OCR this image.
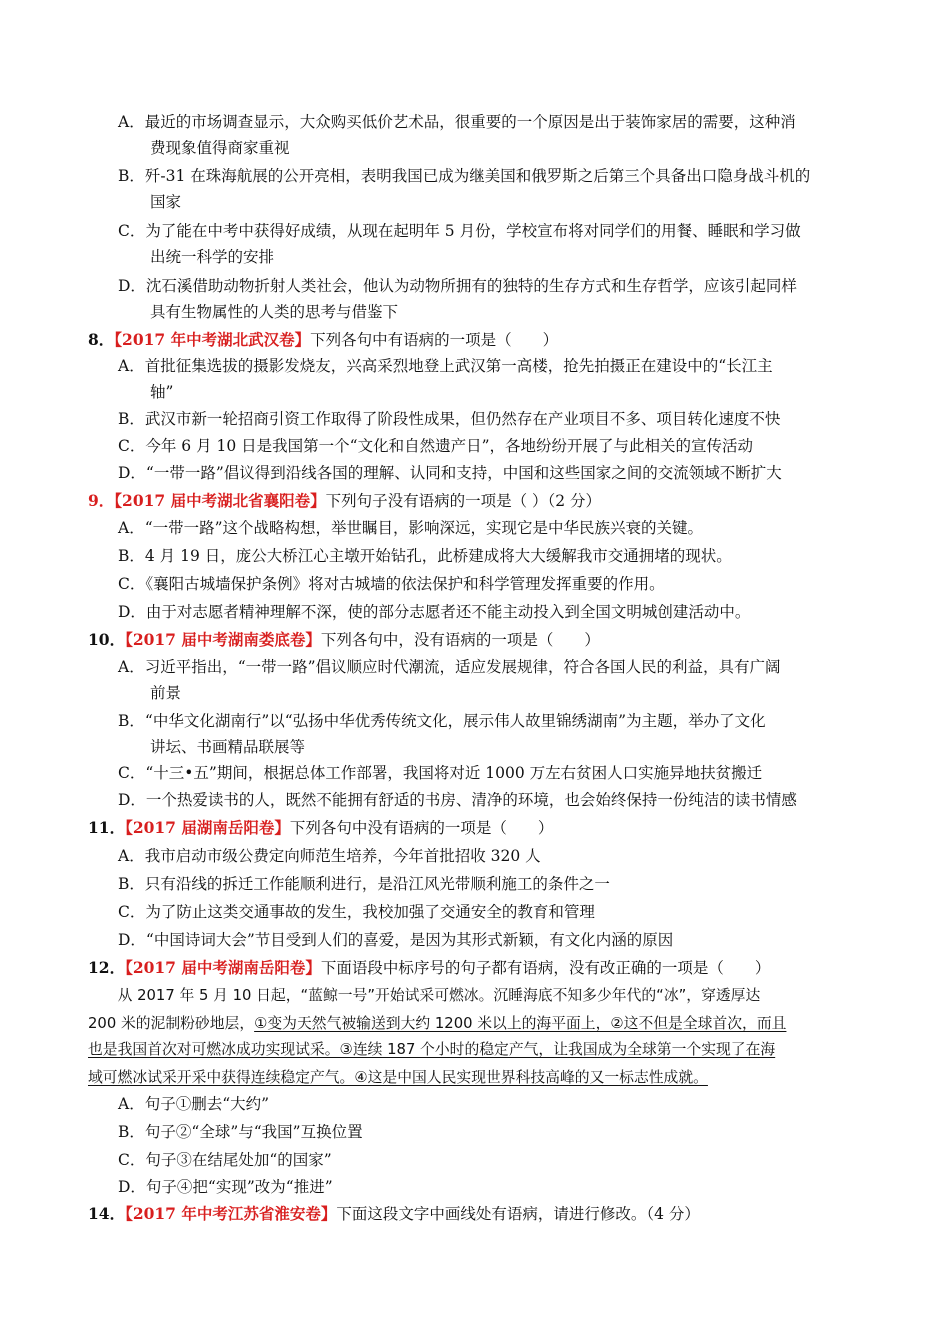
A．最近的市场调查显示，大众购买低价艺术品，很重要的一个原因是出于装饰家居的需要，这种消
费现象值得商家重视
B．歼-31 在珠海航展的公开亮相，表明我国已成为继美国和俄罗斯之后第三个具备出口隐身战斗机的
国家
C．为了能在中考中获得好成绩，从现在起明年 5 月份，学校宣布将对同学们的用餐、睡眠和学习做
出统一科学的安排
D．沈石溪借助动物折射人类社会，他认为动物所拥有的独特的生存方式和生存哲学，应该引起同样
具有生物属性的人类的思考与借鉴下
8．【2017 年中考湖北武汉卷】下列各句中有语病的一项是（　　）
A．首批征集选拔的摄影发烧友，兴高采烈地登上武汉第一高楼，抢先拍摄正在建设中的“长江主
轴”
B．武汉市新一轮招商引资工作取得了阶段性成果，但仍然存在产业项目不多、项目转化速度不快
C．今年 6 月 10 日是我国第一个“文化和自然遗产日”，各地纷纷开展了与此相关的宣传活动
D．“一带一路”倡议得到沿线各国的理解、认同和支持，中国和这些国家之间的交流领域不断扩大
9．【2017 届中考湖北省襄阳卷】下列句子没有语病的一项是（ ）（2 分）
A．“一带一路”这个战略构想，举世瞩目，影响深远，实现它是中华民族兴衰的关键。
B．4 月 19 日，庞公大桥江心主墩开始钻孔，此桥建成将大大缓解我市交通拥堵的现状。
C．《襄阳古城墙保护条例》将对古城墙的依法保护和科学管理发挥重要的作用。
D．由于对志愿者精神理解不深，使的部分志愿者还不能主动投入到全国文明城创建活动中。
10．【2017 届中考湖南娄底卷】下列各句中，没有语病的一项是（　　）
A．习近平指出，“一带一路”倡议顺应时代潮流，适应发展规律，符合各国人民的利益，具有广阔
前景
B．“中华文化湖南行”以“弘扬中华优秀传统文化，展示伟人故里锦绣湖南”为主题，举办了文化
讲坛、书画精品联展等
C．“十三•五”期间，根据总体工作部署，我国将对近 1000 万左右贫困人口实施异地扶贫搬迁
D．一个热爱读书的人，既然不能拥有舒适的书房、清净的环境，也会始终保持一份纯洁的读书情感
11．【2017 届湖南岳阳卷】下列各句中没有语病的一项是（　　）
A．我市启动市级公费定向师范生培养，今年首批招收 320 人
B．只有沿线的拆迁工作能顺利进行，是沿江风光带顺利施工的条件之一
C．为了防止这类交通事故的发生，我校加强了交通安全的教育和管理
D．“中国诗词大会”节目受到人们的喜爱，是因为其形式新颖，有文化内涵的原因
12．【2017 届中考湖南岳阳卷】下面语段中标序号的句子都有语病，没有改正确的一项是（　　）
　　从 2017 年 5 月 10 日起，“蓝鲸一号”开始试采可燃冰。沉睡海底不知多少年代的“冰”，穿透厚达
200 米的泥制粉砂地层，①变为天然气被输送到大约 1200 米以上的海平面上，②这不但是全球首次，而且
也是我国首次对可燃冰成功实现试采。③连续 187 个小时的稳定产气，让我国成为全球第一个实现了在海
域可燃冰试采开采中获得连续稳定产气。④这是中国人民实现世界科技高峰的又一标志性成就。
A．句子①删去“大约”
B．句子②“全球”与“我国”互换位置
C．句子③在结尾处加“的国家”
D．句子④把“实现”改为“推进”
14．【2017 年中考江苏省淮安卷】下面这段文字中画线处有语病，请进行修改。（4 分）
